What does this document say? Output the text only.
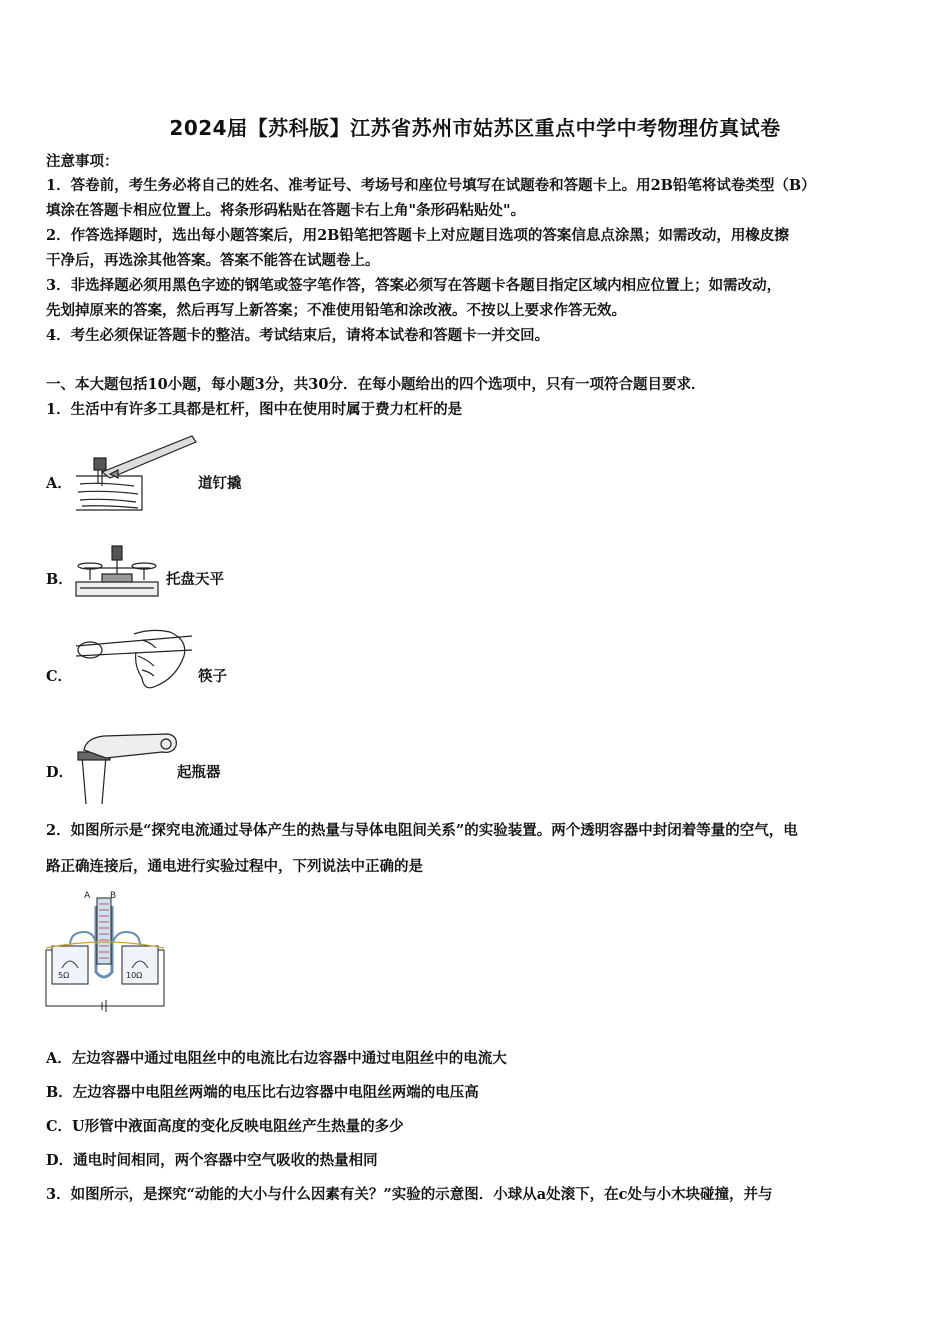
2024届【苏科版】江苏省苏州市姑苏区重点中学中考物理仿真试卷
注意事项：
1．答卷前，考生务必将自己的姓名、准考证号、考场号和座位号填写在试题卷和答题卡上。用2B铅笔将试卷类型（B）
填涂在答题卡相应位置上。将条形码粘贴在答题卡右上角"条形码粘贴处"。
2．作答选择题时，选出每小题答案后，用2B铅笔把答题卡上对应题目选项的答案信息点涂黑；如需改动，用橡皮擦
干净后，再选涂其他答案。答案不能答在试题卷上。
3．非选择题必须用黑色字迹的钢笔或签字笔作答，答案必须写在答题卡各题目指定区域内相应位置上；如需改动，
先划掉原来的答案，然后再写上新答案；不准使用铅笔和涂改液。不按以上要求作答无效。
4．考生必须保证答题卡的整洁。考试结束后，请将本试卷和答题卡一并交回。
一、本大题包括10小题，每小题3分，共30分．在每小题给出的四个选项中，只有一项符合题目要求．
1．生活中有许多工具都是杠杆，图中在使用时属于费力杠杆的是
A．	道钉撬
B．	托盘天平
C．	筷子
D．	起瓶器
2．如图所示是“探究电流通过导体产生的热量与导体电阻间关系”的实验装置。两个透明容器中封闭着等量的空气，电
路正确连接后，通电进行实验过程中，下列说法中正确的是
A B
5Ω	10Ω
A．左边容器中通过电阻丝中的电流比右边容器中通过电阻丝中的电流大
B．左边容器中电阻丝两端的电压比右边容器中电阻丝两端的电压高
C．U形管中液面高度的变化反映电阻丝产生热量的多少
D．通电时间相同，两个容器中空气吸收的热量相同
3．如图所示，是探究“动能的大小与什么因素有关？”实验的示意图．小球从a处滚下，在c处与小木块碰撞，并与
